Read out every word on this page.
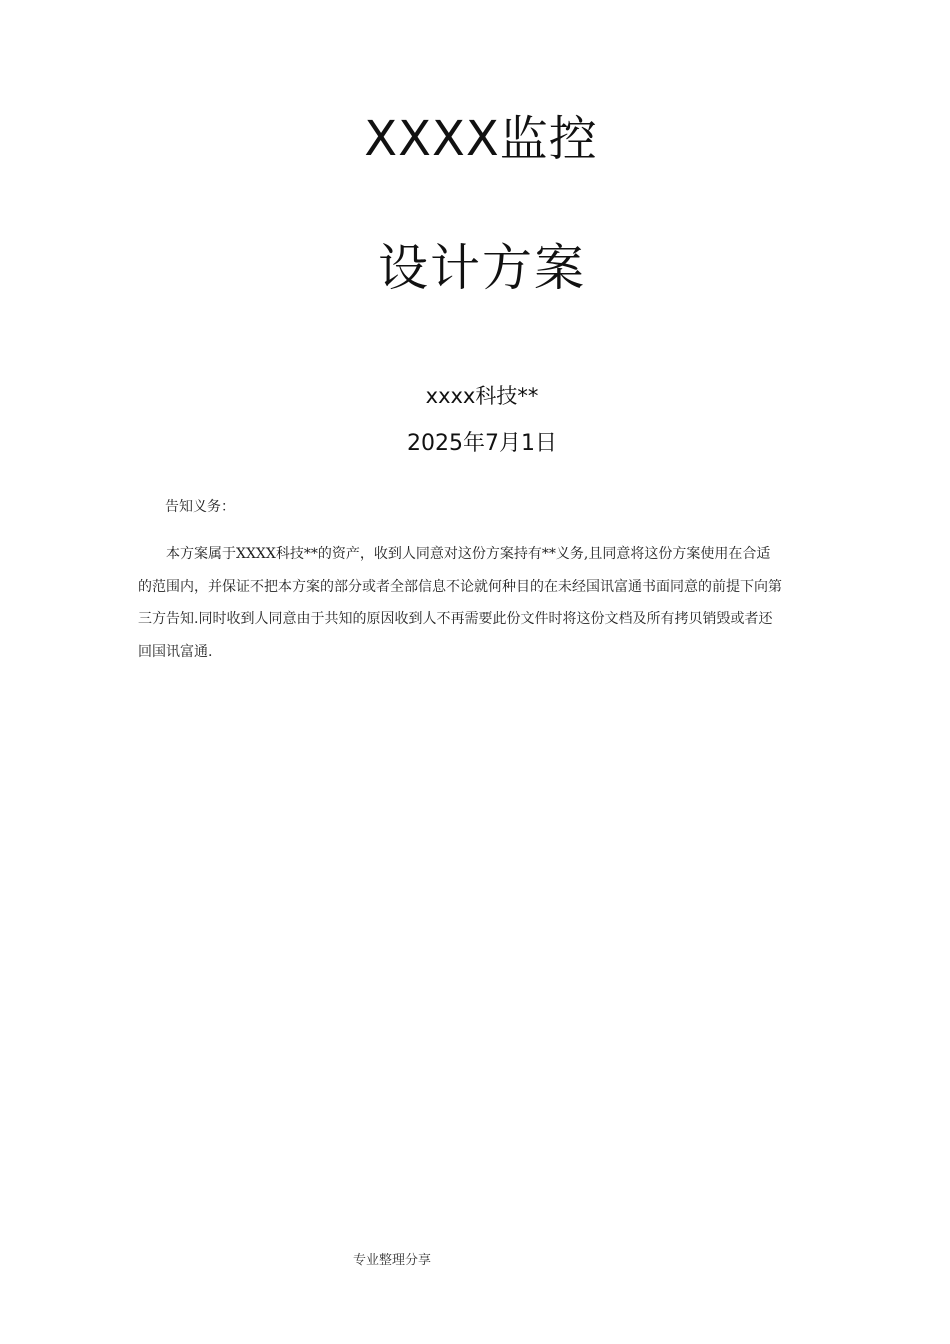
XXXX监控
设计方案
xxxx科技**
2025年7月1日
告知义务：
本方案属于XXXX科技**的资产，收到人同意对这份方案持有**义务,且同意将这份方案使用在合适
的范围内，并保证不把本方案的部分或者全部信息不论就何种目的在未经国讯富通书面同意的前提下向第
三方告知.同时收到人同意由于共知的原因收到人不再需要此份文件时将这份文档及所有拷贝销毁或者还
回国讯富通.
专业整理分享
